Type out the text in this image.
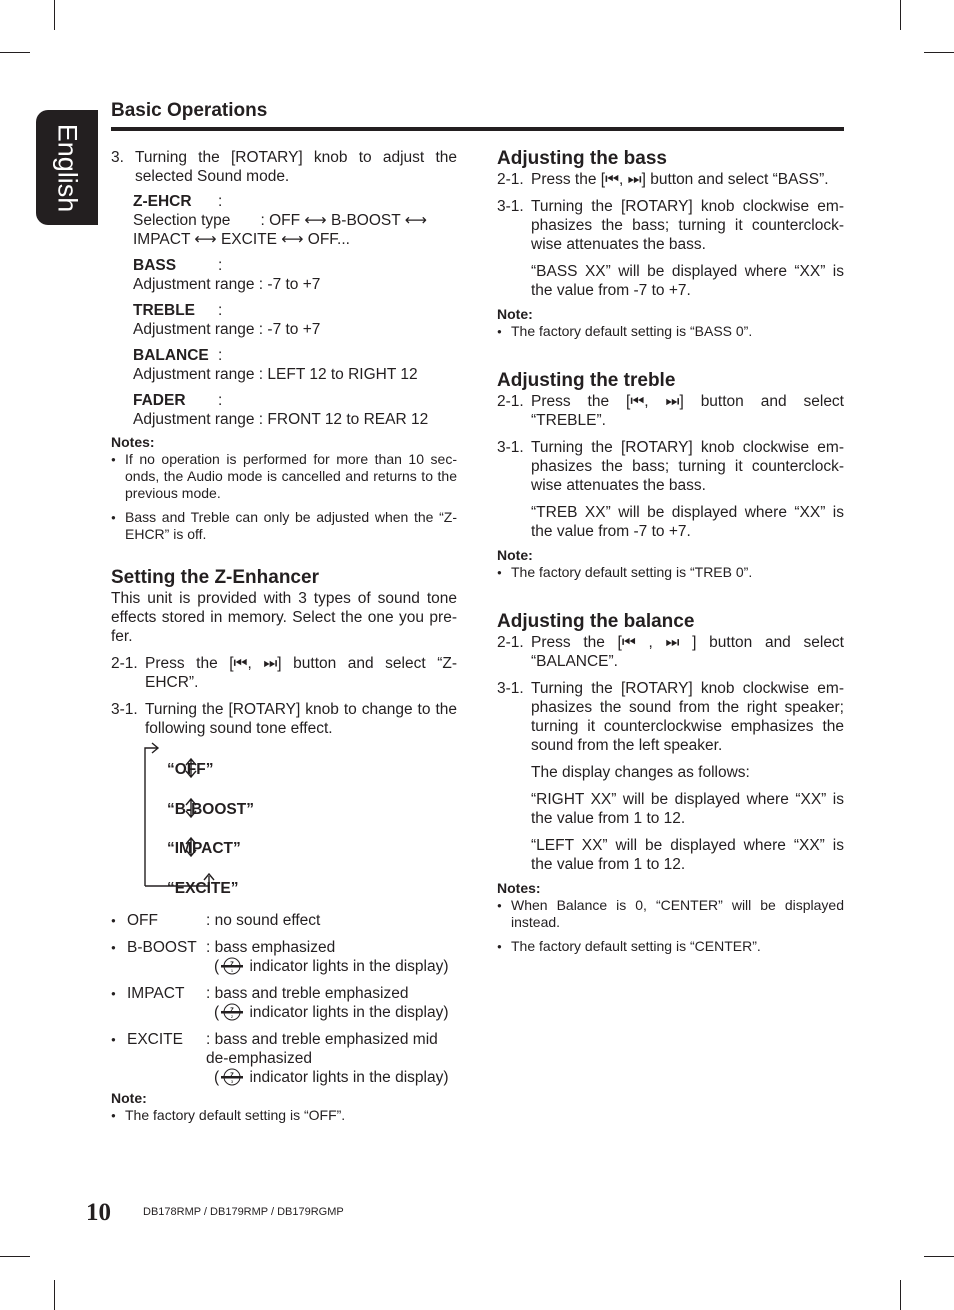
English
Basic Operations
3. Turning the [ROTARY] knob to adjust the selected Sound mode.

Z-EHCR :
Selection type       : OFF ⟷ B-BOOST ⟷
IMPACT ⟷ EXCITE ⟷ OFF...
BASS	:
Adjustment range : -7 to +7
TREBLE :
Adjustment range : -7 to +7
BALANCE :
Adjustment range : LEFT 12 to RIGHT 12
FADER :
Adjustment range : FRONT 12 to REAR 12
Notes:
● If no operation is performed for more than 10 sec-onds, the Audio mode is cancelled and returns to the previous mode.
● Bass and Treble can only be adjusted when the “Z-EHCR” is off.
Setting the Z-Enhancer

This unit is provided with 3 types of sound tone effects stored in memory. Select the one you pre-fer.

2-1. Press the [⏮, ⏭] button and select “Z-EHCR”.

3-1. Turning the [ROTARY] knob to change to the following sound tone effect.

“OFF”
“B-BOOST”
“IMPACT”
“EXCITE”
● OFF	: no sound effect
● B-BOOST : bass emphasized
(	1 indicator lights in the display)
● IMPACT	: bass and treble emphasized
(	2 indicator lights in the display)
● EXCITE	: bass and treble emphasized mid de-emphasized
(	3 indicator lights in the display)
Note:
● The factory default setting is “OFF”.
Adjusting the bass
2-1. Press the [⏮, ⏭] button and select “BASS”.

3-1. Turning the [ROTARY] knob clockwise em-phasizes the bass; turning it counterclock-wise attenuates the bass.

“BASS XX” will be displayed where “XX” is the value from -7 to +7.

Note:
● The factory default setting is “BASS 0”.
Adjusting the treble
2-1. Press the [⏮, ⏭] button and select “TREBLE”.

3-1. Turning the [ROTARY] knob clockwise em-phasizes the bass; turning it counterclock-wise attenuates the bass.

“TREB XX” will be displayed where “XX” is the value from -7 to +7.

Note:
● The factory default setting is “TREB 0”.
Adjusting the balance
2-1. Press the [⏮ , ⏭ ] button and select “BALANCE”.

3-1. Turning the [ROTARY] knob clockwise em-phasizes the sound from the right speaker; turning it counterclockwise emphasizes the sound from the left speaker.

The display changes as follows:

“RIGHT XX” will be displayed where “XX” is the value from 1 to 12.

“LEFT XX” will be displayed where “XX” is the value from 1 to 12.

Notes:
● When Balance is 0, “CENTER” will be displayed instead.
● The factory default setting is “CENTER”.
10	DB178RMP / DB179RMP / DB179RGMP
